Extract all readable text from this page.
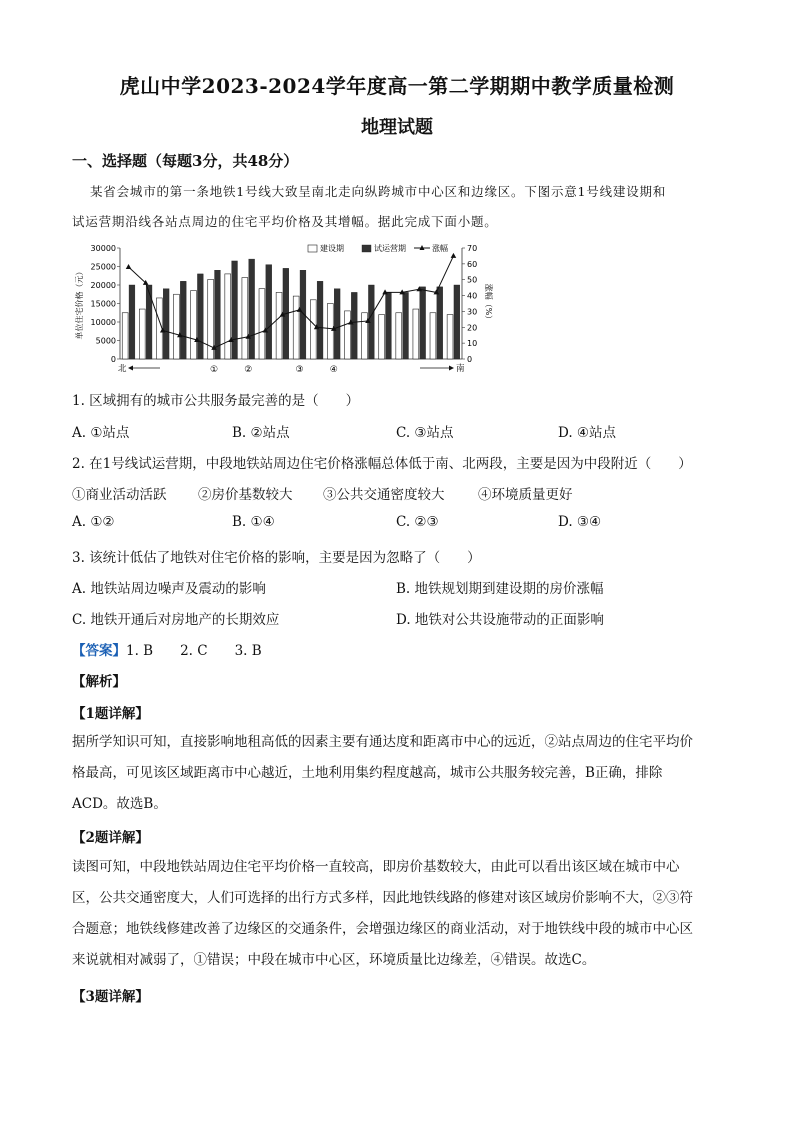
虎山中学2023-2024学年度高一第二学期期中教学质量检测
地理试题
一、选择题（每题3分，共48分）
某省会城市的第一条地铁1号线大致呈南北走向纵跨城市中心区和边缘区。下图示意1号线建设期和
试运营期沿线各站点周边的住宅平均价格及其增幅。据此完成下面小题。
30000
25000
20000
15000
10000
5000
0
70
60
50
40
30
20
10
0
单位住宅价格（元）	涨幅（%）
建设期	试运营期	涨幅
北	南
①	②	③	④
1. 区域拥有的城市公共服务最完善的是（　　）
A. ①站点	B. ②站点	C. ③站点	D. ④站点
2. 在1号线试运营期，中段地铁站周边住宅价格涨幅总体低于南、北两段，主要是因为中段附近（　　）
①商业活动活跃 ②房价基数较大 ③公共交通密度较大 ④环境质量更好
A. ①②	B. ①④	C. ②③	D. ③④
3. 该统计低估了地铁对住宅价格的影响，主要是因为忽略了（　　）
A. 地铁站周边噪声及震动的影响	B. 地铁规划期到建设期的房价涨幅
C. 地铁开通后对房地产的长期效应	D. 地铁对公共设施带动的正面影响
【答案】1. B　　2. C　　3. B
【解析】
【1题详解】
据所学知识可知，直接影响地租高低的因素主要有通达度和距离市中心的远近，②站点周边的住宅平均价
格最高，可见该区域距离市中心越近，土地利用集约程度越高，城市公共服务较完善，B正确，排除
ACD。故选B。
【2题详解】
读图可知，中段地铁站周边住宅平均价格一直较高，即房价基数较大，由此可以看出该区域在城市中心
区，公共交通密度大，人们可选择的出行方式多样，因此地铁线路的修建对该区域房价影响不大，②③符
合题意；地铁线修建改善了边缘区的交通条件，会增强边缘区的商业活动，对于地铁线中段的城市中心区
来说就相对减弱了，①错误；中段在城市中心区，环境质量比边缘差，④错误。故选C。
【3题详解】
